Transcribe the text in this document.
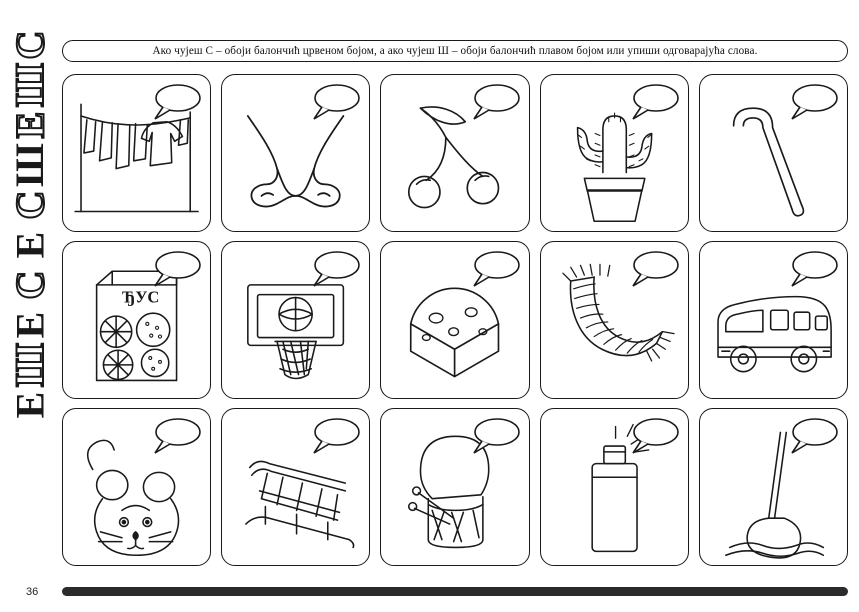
С
Ш
Е
Ш
С
Е
С
Е
Ш
Е
Ако чујеш С – обоји балончић црвеном бојом, а ако чујеш Ш – обоји балончић плавом бојом или упиши одговарајућа слова.
ЂУС
36
